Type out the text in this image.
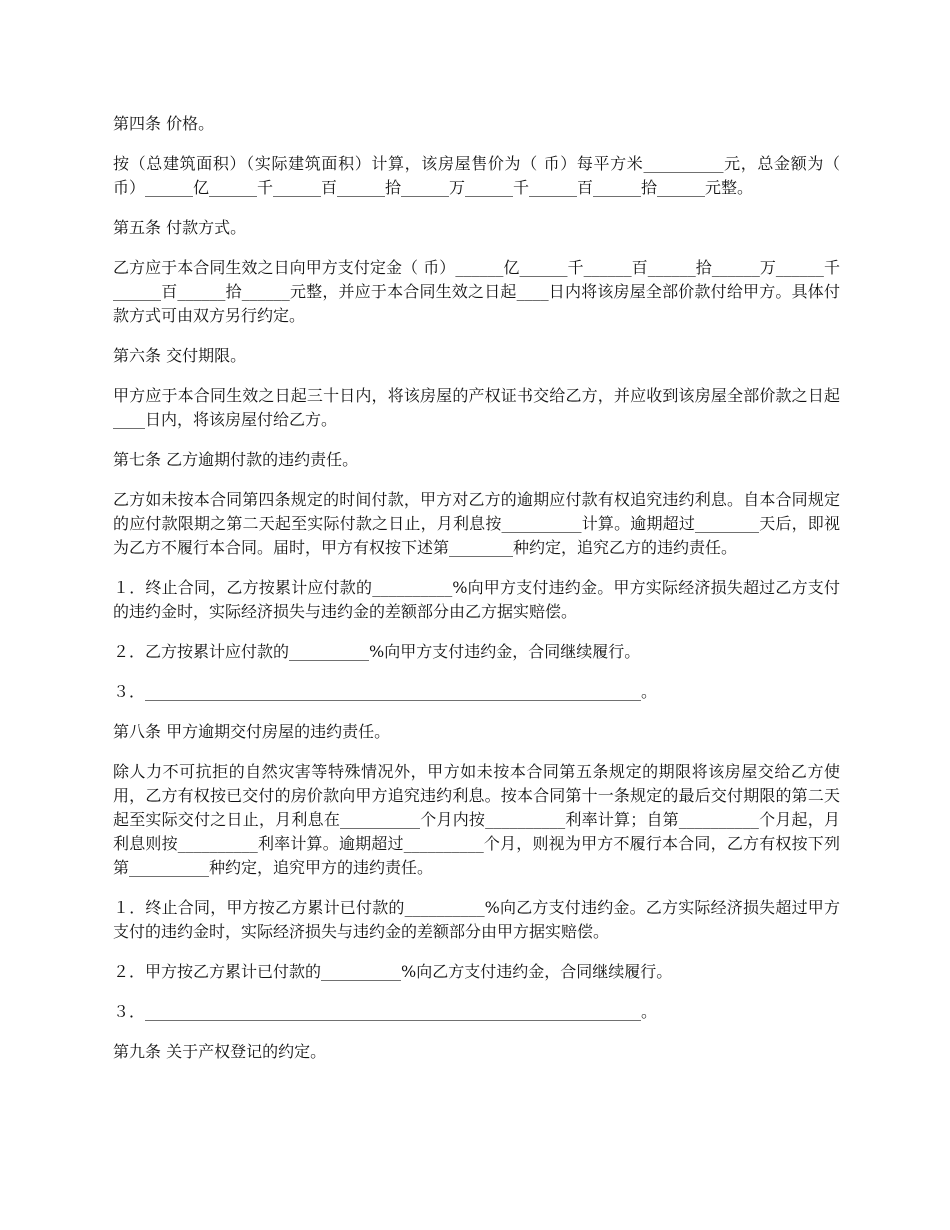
第四条 价格。

按（总建筑面积）（实际建筑面积）计算，该房屋售价为（ 币）每平方米__________元，总金额为（ 币）______亿______千______百______拾______万______千______百______拾______元整。

第五条 付款方式。

乙方应于本合同生效之日向甲方支付定金（ 币）______亿______千______百______拾______万______千______百______拾______元整，并应于本合同生效之日起____日内将该房屋全部价款付给甲方。具体付款方式可由双方另行约定。

第六条 交付期限。

甲方应于本合同生效之日起三十日内，将该房屋的产权证书交给乙方，并应收到该房屋全部价款之日起____日内，将该房屋付给乙方。

第七条 乙方逾期付款的违约责任。

乙方如未按本合同第四条规定的时间付款，甲方对乙方的逾期应付款有权追究违约利息。自本合同规定的应付款限期之第二天起至实际付款之日止，月利息按__________计算。逾期超过________天后，即视为乙方不履行本合同。届时，甲方有权按下述第________种约定，追究乙方的违约责任。

１．终止合同，乙方按累计应付款的__________%向甲方支付违约金。甲方实际经济损失超过乙方支付的违约金时，实际经济损失与违约金的差额部分由乙方据实赔偿。

２．乙方按累计应付款的__________%向甲方支付违约金，合同继续履行。

３．______________________________________________________________。

第八条 甲方逾期交付房屋的违约责任。

除人力不可抗拒的自然灾害等特殊情况外，甲方如未按本合同第五条规定的期限将该房屋交给乙方使用，乙方有权按已交付的房价款向甲方追究违约利息。按本合同第十一条规定的最后交付期限的第二天起至实际交付之日止，月利息在__________个月内按__________利率计算；自第__________个月起，月利息则按__________利率计算。逾期超过__________个月，则视为甲方不履行本合同，乙方有权按下列第__________种约定，追究甲方的违约责任。

１．终止合同，甲方按乙方累计已付款的__________%向乙方支付违约金。乙方实际经济损失超过甲方支付的违约金时，实际经济损失与违约金的差额部分由甲方据实赔偿。

２．甲方按乙方累计已付款的__________%向乙方支付违约金，合同继续履行。

３．______________________________________________________________。

第九条 关于产权登记的约定。
